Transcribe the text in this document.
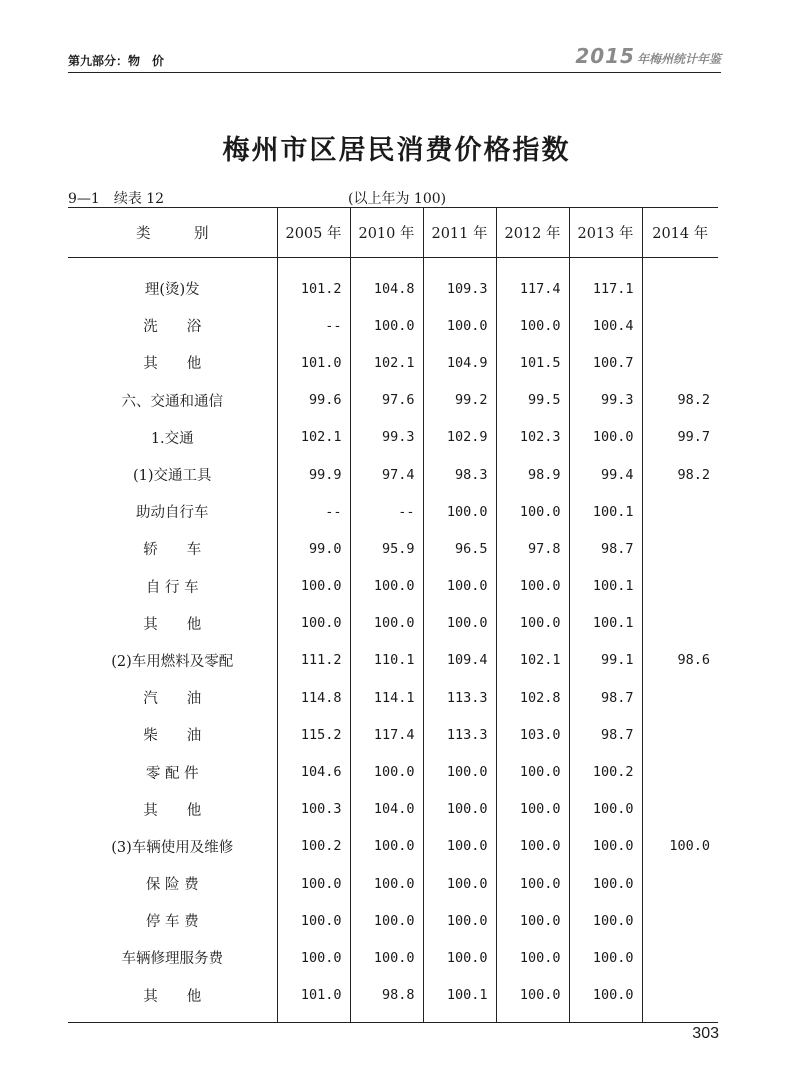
第九部分：物　价	2015 年梅州统计年鉴
梅州市区居民消费价格指数
9—1　续表 12	(以上年为 100)
类　　　别	2005 年	2010 年	2011 年	2012 年	2013 年	2014 年
理(烫)发	101.2	104.8	109.3	117.4	117.1	
洗　　浴	--	100.0	100.0	100.0	100.4	
其　　他	101.0	102.1	104.9	101.5	100.7	
六、交通和通信	99.6	97.6	99.2	99.5	99.3	98.2
1.交通	102.1	99.3	102.9	102.3	100.0	99.7
(1)交通工具	99.9	97.4	98.3	98.9	99.4	98.2
助动自行车	--	--	100.0	100.0	100.1	
轿　　车	99.0	95.9	96.5	97.8	98.7	
自 行 车	100.0	100.0	100.0	100.0	100.1	
其　　他	100.0	100.0	100.0	100.0	100.1	
(2)车用燃料及零配	111.2	110.1	109.4	102.1	99.1	98.6
汽　　油	114.8	114.1	113.3	102.8	98.7	
柴　　油	115.2	117.4	113.3	103.0	98.7	
零 配 件	104.6	100.0	100.0	100.0	100.2	
其　　他	100.3	104.0	100.0	100.0	100.0	
(3)车辆使用及维修	100.2	100.0	100.0	100.0	100.0	100.0
保 险 费	100.0	100.0	100.0	100.0	100.0	
停 车 费	100.0	100.0	100.0	100.0	100.0	
车辆修理服务费	100.0	100.0	100.0	100.0	100.0	
其　　他	101.0	98.8	100.1	100.0	100.0	
303
